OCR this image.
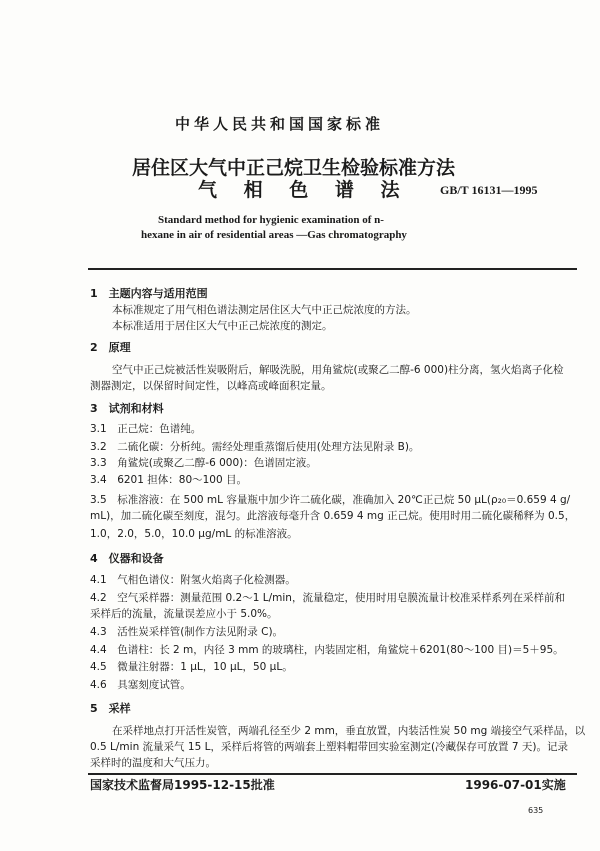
中华人民共和国国家标准
居住区大气中正己烷卫生检验标准方法
气 相 色 谱 法	GB/T 16131—1995
Standard method for hygienic examination of n-
hexane in air of residential areas —Gas chromatography
1　主题内容与适用范围
本标准规定了用气相色谱法测定居住区大气中正己烷浓度的方法。
本标准适用于居住区大气中正己烷浓度的测定。
2　原理
空气中正己烷被活性炭吸附后，解吸洗脱，用角鲨烷(或聚乙二醇-6 000)柱分离，氢火焰离子化检
测器测定，以保留时间定性，以峰高或峰面积定量。
3　试剂和材料
3.1　正己烷：色谱纯。
3.2　二硫化碳：分析纯。需经处理重蒸馏后使用(处理方法见附录 B)。
3.3　角鲨烷(或聚乙二醇-6 000)：色谱固定液。
3.4　6201 担体：80～100 目。
3.5　标准溶液：在 500 mL 容量瓶中加少许二硫化碳，准确加入 20℃正己烷 50 μL(ρ₂₀＝0.659 4 g/
mL)，加二硫化碳至刻度，混匀。此溶液每毫升含 0.659 4 mg 正己烷。使用时用二硫化碳稀释为 0.5，
1.0，2.0，5.0，10.0 μg/mL 的标准溶液。
4　仪器和设备
4.1　气相色谱仪：附氢火焰离子化检测器。
4.2　空气采样器：测量范围 0.2～1 L/min，流量稳定，使用时用皂膜流量计校准采样系列在采样前和
采样后的流量，流量误差应小于 5.0%。
4.3　活性炭采样管(制作方法见附录 C)。
4.4　色谱柱：长 2 m，内径 3 mm 的玻璃柱，内装固定相，角鲨烷＋6201(80～100 目)＝5＋95。
4.5　微量注射器：1 μL，10 μL，50 μL。
4.6　具塞刻度试管。
5　采样
在采样地点打开活性炭管，两端孔径至少 2 mm，垂直放置，内装活性炭 50 mg 端接空气采样品，以
0.5 L/min 流量采气 15 L，采样后将管的两端套上塑料帽带回实验室测定(冷藏保存可放置 7 天)。记录
采样时的温度和大气压力。
国家技术监督局1995-12-15批准	1996-07-01实施
635
